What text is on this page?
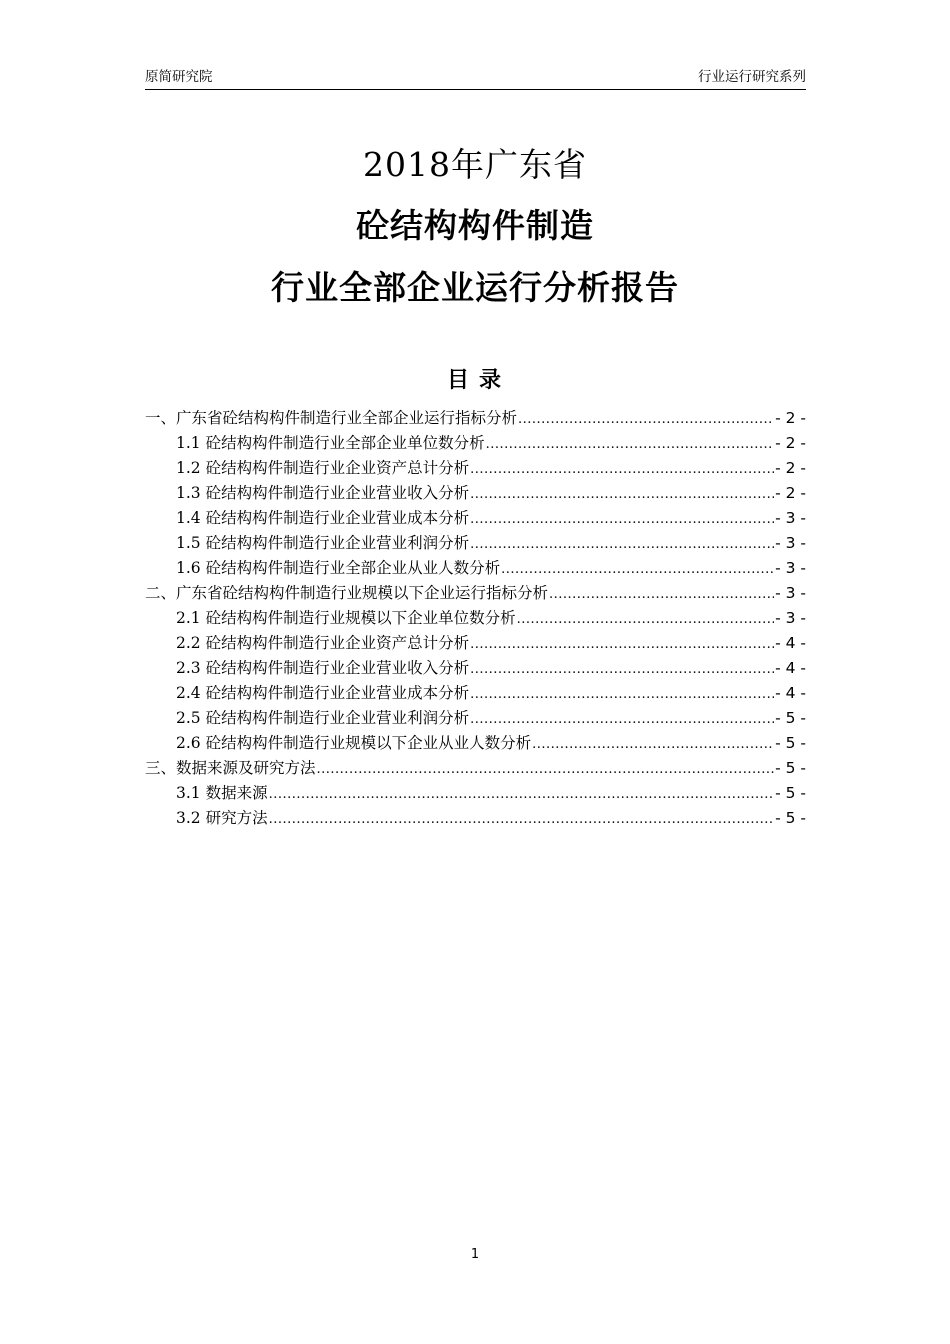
原简研究院	行业运行研究系列
2018年广东省
砼结构构件制造
行业全部企业运行分析报告
目录
一、广东省砼结构构件制造行业全部企业运行指标分析 .....	- 2 -
1.1 砼结构构件制造行业全部企业单位数分析 .....	- 2 -
1.2 砼结构构件制造行业企业资产总计分析 .....	- 2 -
1.3 砼结构构件制造行业企业营业收入分析 .....	- 2 -
1.4 砼结构构件制造行业企业营业成本分析 .....	- 3 -
1.5 砼结构构件制造行业企业营业利润分析 .....	- 3 -
1.6 砼结构构件制造行业全部企业从业人数分析 .....	- 3 -
二、广东省砼结构构件制造行业规模以下企业运行指标分析 .....	- 3 -
2.1 砼结构构件制造行业规模以下企业单位数分析 .....	- 3 -
2.2 砼结构构件制造行业企业资产总计分析 .....	- 4 -
2.3 砼结构构件制造行业企业营业收入分析 .....	- 4 -
2.4 砼结构构件制造行业企业营业成本分析 .....	- 4 -
2.5 砼结构构件制造行业企业营业利润分析 .....	- 5 -
2.6 砼结构构件制造行业规模以下企业从业人数分析 .....	- 5 -
三、数据来源及研究方法 .....	- 5 -
3.1 数据来源 .....	- 5 -
3.2 研究方法 .....	- 5 -
1
